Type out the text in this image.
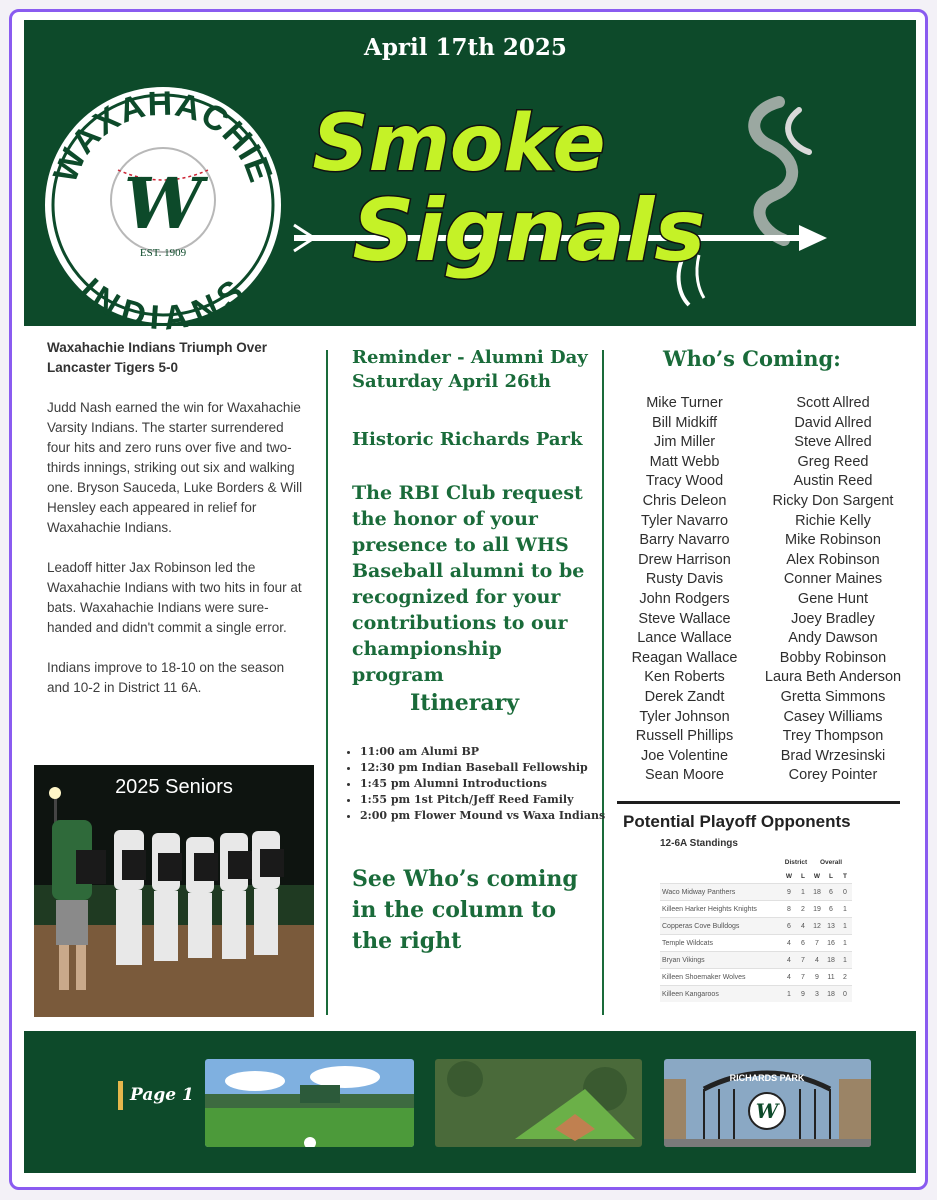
April 17th 2025
WAXAHACHIE
INDIANS
W
EST. 1909
Smoke
Signals
Waxahachie Indians Triumph Over Lancaster Tigers 5-0

Judd Nash earned the win for Waxahachie Varsity Indians. The starter surrendered four hits and zero runs over five and two-thirds innings, striking out six and walking one. Bryson Sauceda, Luke Borders & Will Hensley each appeared in relief for Waxahachie Indians.

Leadoff hitter Jax Robinson led the Waxahachie Indians with two hits in four at bats. Waxahachie Indians were sure-handed and didn't commit a single error.

Indians improve to 18-10 on the season and 10-2 in District 11 6A.

2025 Seniors
Reminder - Alumni Day Saturday April 26th
Historic Richards Park
The RBI Club request the honor of your presence to all WHS Baseball alumni to be recognized for your contributions to our championship program
Itinerary
• 11:00 am Alumi BP
• 12:30 pm Indian Baseball Fellowship
• 1:45 pm Alumni Introductions
• 1:55 pm 1st Pitch/Jeff Reed Family
• 2:00 pm Flower Mound vs Waxa Indians
See Who’s coming in the column to the right
Who’s Coming:
Mike Turner
Bill Midkiff
Jim Miller
Matt Webb
Tracy Wood
Chris Deleon
Tyler Navarro
Barry Navarro
Drew Harrison
Rusty Davis
John Rodgers
Steve Wallace
Lance Wallace
Reagan Wallace
Ken Roberts
Derek Zandt
Tyler Johnson
Russell Phillips
Joe Volentine
Sean Moore
Scott Allred
David Allred
Steve Allred
Greg Reed
Austin Reed
Ricky Don Sargent
Richie Kelly
Mike Robinson
Alex Robinson
Conner Maines
Gene Hunt
Joey Bradley
Andy Dawson
Bobby Robinson
Laura Beth Anderson
Gretta Simmons
Casey Williams
Trey Thompson
Brad Wrzesinski
Corey Pointer
Potential Playoff Opponents
12-6A Standings
	District		Overall		
	W	L	W	L	T
Waco Midway Panthers	9	1	18	6	0
Killeen Harker Heights Knights	8	2	19	6	1
Copperas Cove Bulldogs	6	4	12	13	1
Temple Wildcats	4	6	7	16	1
Bryan Vikings	4	7	4	18	1
Killeen Shoemaker Wolves	4	7	9	11	2
Killeen Kangaroos	1	9	3	18	0
Page 1
RICHARDS PARK
W
